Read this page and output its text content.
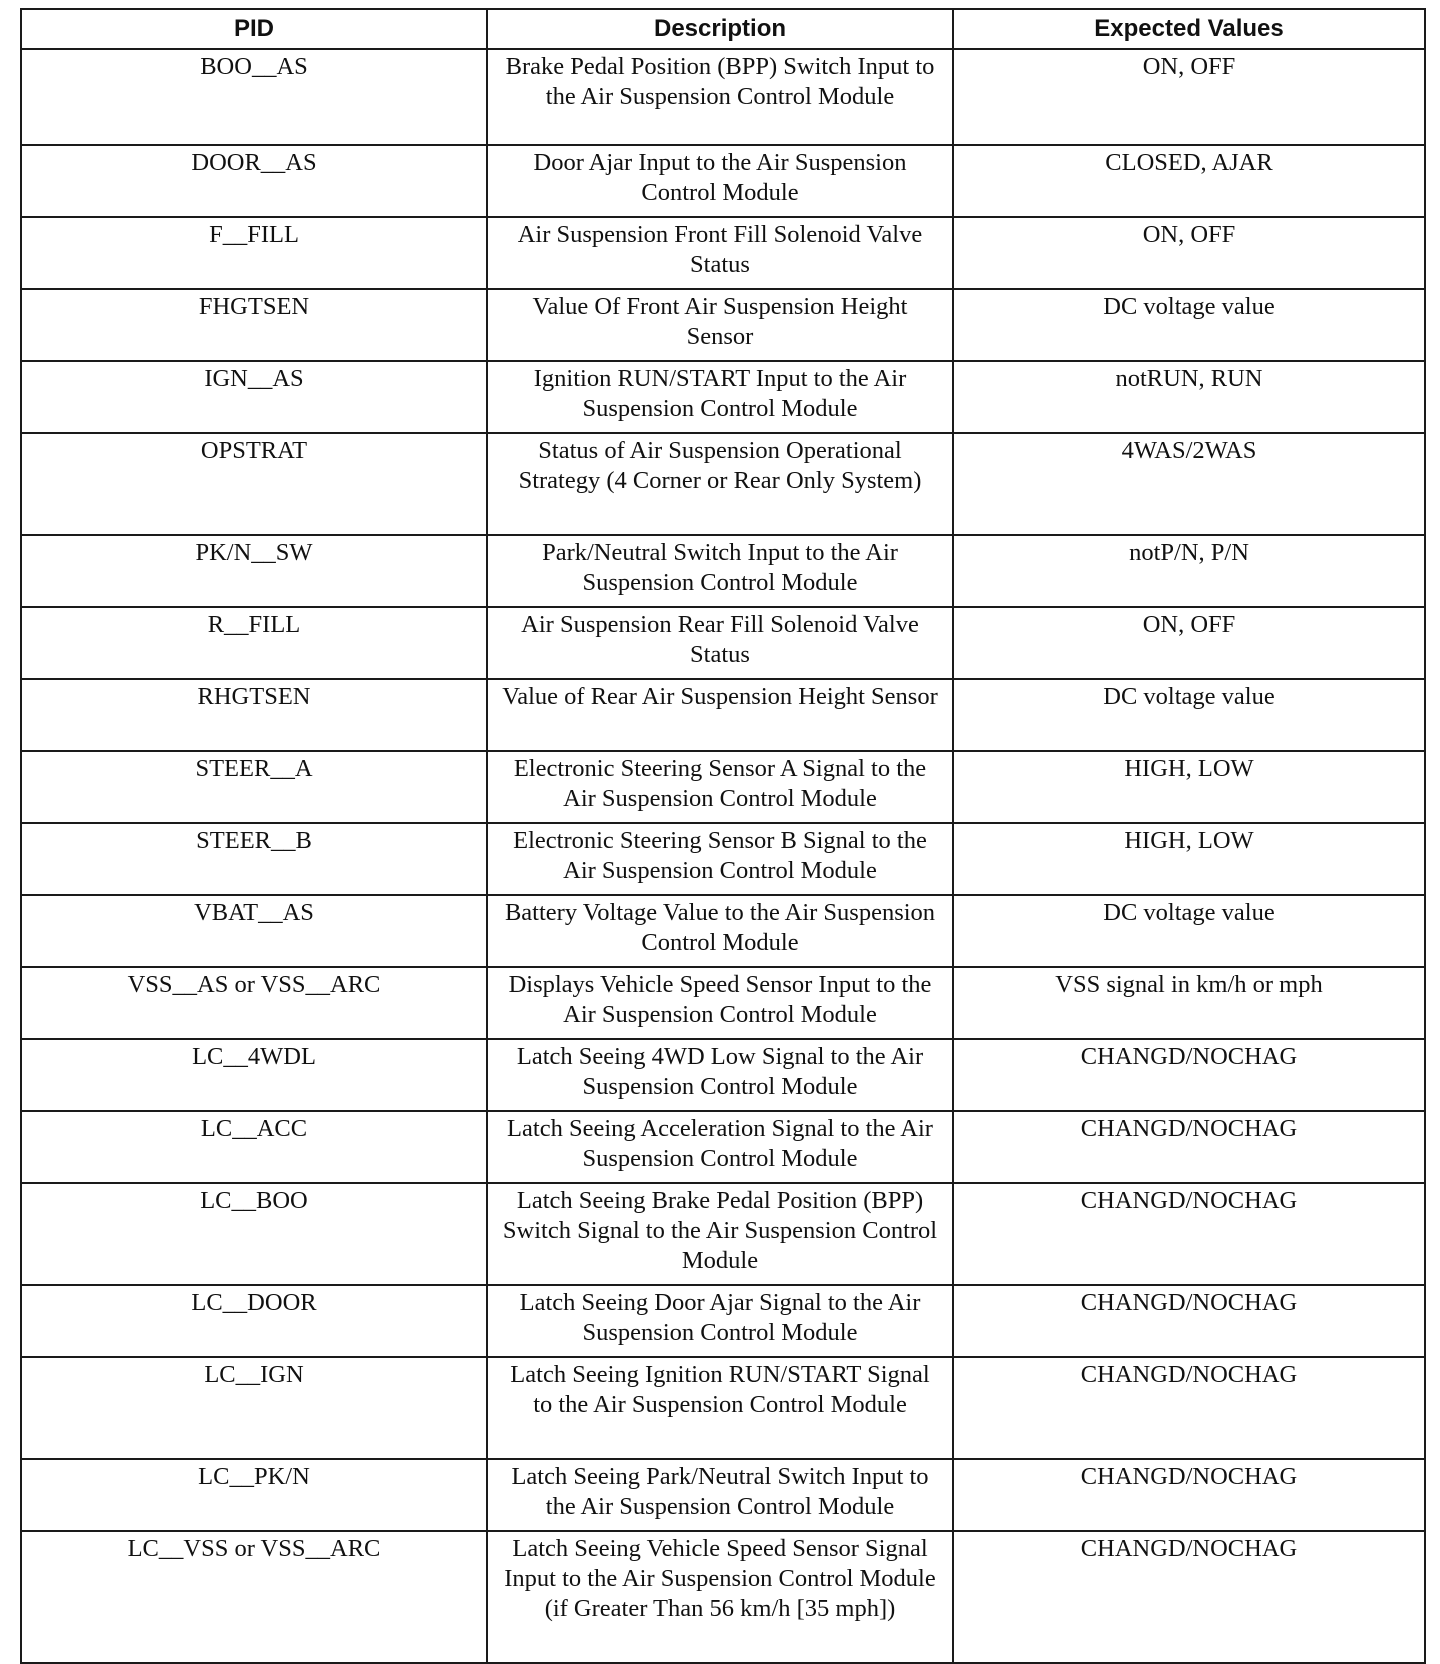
PID	Description	Expected Values
BOO__AS	Brake Pedal Position (BPP) Switch Input to the Air Suspension Control Module	ON, OFF
DOOR__AS	Door Ajar Input to the Air Suspension Control Module	CLOSED, AJAR
F__FILL	Air Suspension Front Fill Solenoid Valve Status	ON, OFF
FHGTSEN	Value Of Front Air Suspension Height Sensor	DC voltage value
IGN__AS	Ignition RUN/START Input to the Air Suspension Control Module	notRUN, RUN
OPSTRAT	Status of Air Suspension Operational Strategy (4 Corner or Rear Only System)	4WAS/2WAS
PK/N__SW	Park/Neutral Switch Input to the Air Suspension Control Module	notP/N, P/N
R__FILL	Air Suspension Rear Fill Solenoid Valve Status	ON, OFF
RHGTSEN	Value of Rear Air Suspension Height Sensor	DC voltage value
STEER__A	Electronic Steering Sensor A Signal to the Air Suspension Control Module	HIGH, LOW
STEER__B	Electronic Steering Sensor B Signal to the Air Suspension Control Module	HIGH, LOW
VBAT__AS	Battery Voltage Value to the Air Suspension Control Module	DC voltage value
VSS__AS or VSS__ARC	Displays Vehicle Speed Sensor Input to the Air Suspension Control Module	VSS signal in km/h or mph
LC__4WDL	Latch Seeing 4WD Low Signal to the Air Suspension Control Module	CHANGD/NOCHAG
LC__ACC	Latch Seeing Acceleration Signal to the Air Suspension Control Module	CHANGD/NOCHAG
LC__BOO	Latch Seeing Brake Pedal Position (BPP) Switch Signal to the Air Suspension Control Module	CHANGD/NOCHAG
LC__DOOR	Latch Seeing Door Ajar Signal to the Air Suspension Control Module	CHANGD/NOCHAG
LC__IGN	Latch Seeing Ignition RUN/START Signal to the Air Suspension Control Module	CHANGD/NOCHAG
LC__PK/N	Latch Seeing Park/Neutral Switch Input to the Air Suspension Control Module	CHANGD/NOCHAG
LC__VSS or VSS__ARC	Latch Seeing Vehicle Speed Sensor Signal Input to the Air Suspension Control Module (if Greater Than 56 km/h [35 mph])	CHANGD/NOCHAG
